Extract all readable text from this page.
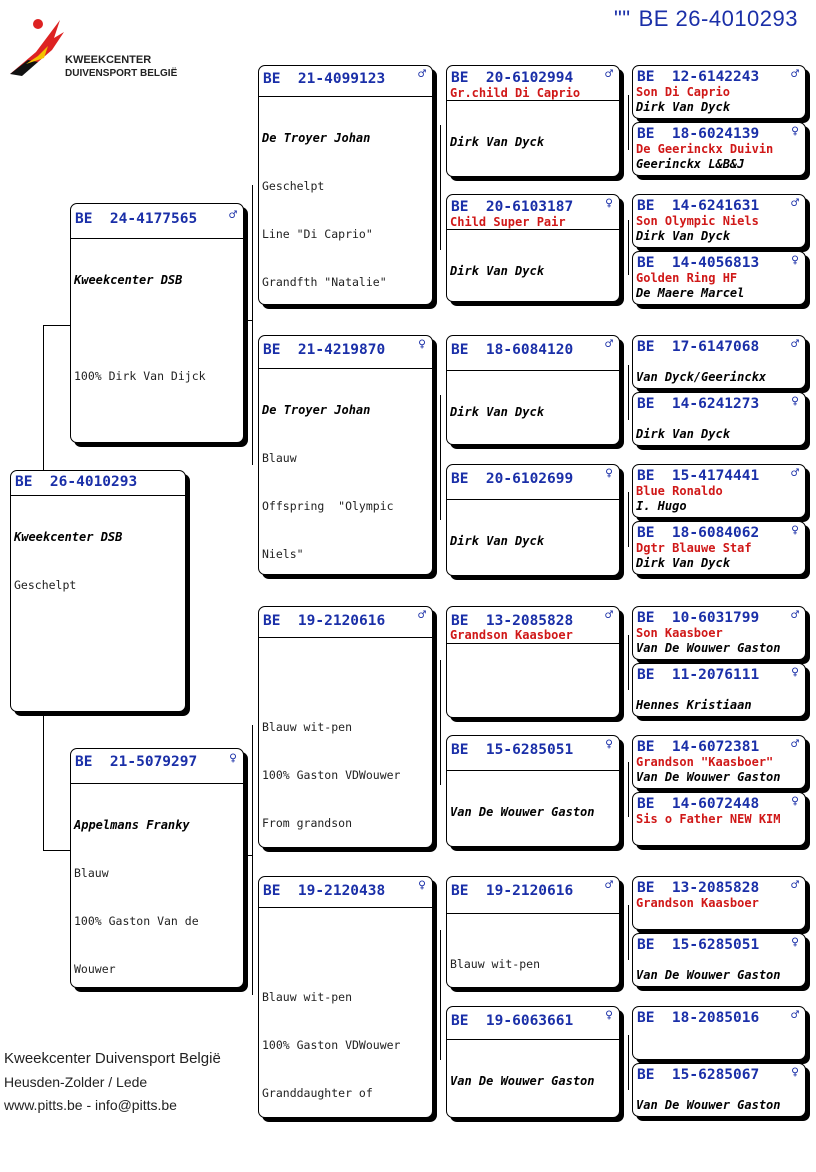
"" BE 26-4010293
KWEEKCENTER
DUIVENSPORT BELGIË
BE  26-4010293

Kweekcenter DSB

Geschelpt

BE  24-4177565 ♂

Kweekcenter DSB

100% Dirk Van Dijck

BE  21-5079297 ♀

Appelmans Franky

Blauw

100% Gaston Van de

Wouwer

BE  21-4099123	♂

De Troyer Johan

Geschelpt

Line "Di Caprio"

Grandfth "Natalie"

BE  21-4219870	♀

De Troyer Johan

Blauw

Offspring  "Olympic

Niels"

BE  19-2120616	♂

Blauw wit-pen

100% Gaston VDWouwer

From grandson

BE  19-2120438	♀

Blauw wit-pen

100% Gaston VDWouwer

Granddaughter of

BE  20-6102994 ♂
Gr.child Di Caprio

Dirk Van Dyck

BE  20-6103187 ♀
Child Super Pair

Dirk Van Dyck

BE  18-6084120 ♂

Dirk Van Dyck

BE  20-6102699 ♀

Dirk Van Dyck

BE  13-2085828 ♂
Grandson Kaasboer

BE  15-6285051 ♀

Van De Wouwer Gaston

BE  19-2120616 ♂

Blauw wit-pen

BE  19-6063661 ♀

Van De Wouwer Gaston

BE  12-6142243 ♂
Son Di Caprio
Dirk Van Dyck
BE  18-6024139 ♀
De Geerinckx Duivin
Geerinckx L&B&J
BE  14-6241631 ♂
Son Olympic Niels
Dirk Van Dyck
BE  14-4056813 ♀
Golden Ring HF
De Maere Marcel
BE  17-6147068 ♂
Van Dyck/Geerinckx
BE  14-6241273 ♀
Dirk Van Dyck
BE  15-4174441 ♂
Blue Ronaldo
I. Hugo
BE  18-6084062 ♀
Dgtr Blauwe Staf
Dirk Van Dyck
BE  10-6031799 ♂
Son Kaasboer
Van De Wouwer Gaston
BE  11-2076111 ♀
Hennes Kristiaan
BE  14-6072381 ♂
Grandson "Kaasboer"
Van De Wouwer Gaston
BE  14-6072448 ♀
Sis o Father NEW KIM
BE  13-2085828 ♂
Grandson Kaasboer
BE  15-6285051 ♀
Van De Wouwer Gaston
BE  18-2085016 ♂
BE  15-6285067 ♀
Van De Wouwer Gaston
Kweekcenter Duivensport België
Heusden-Zolder / Lede
www.pitts.be - info@pitts.be
